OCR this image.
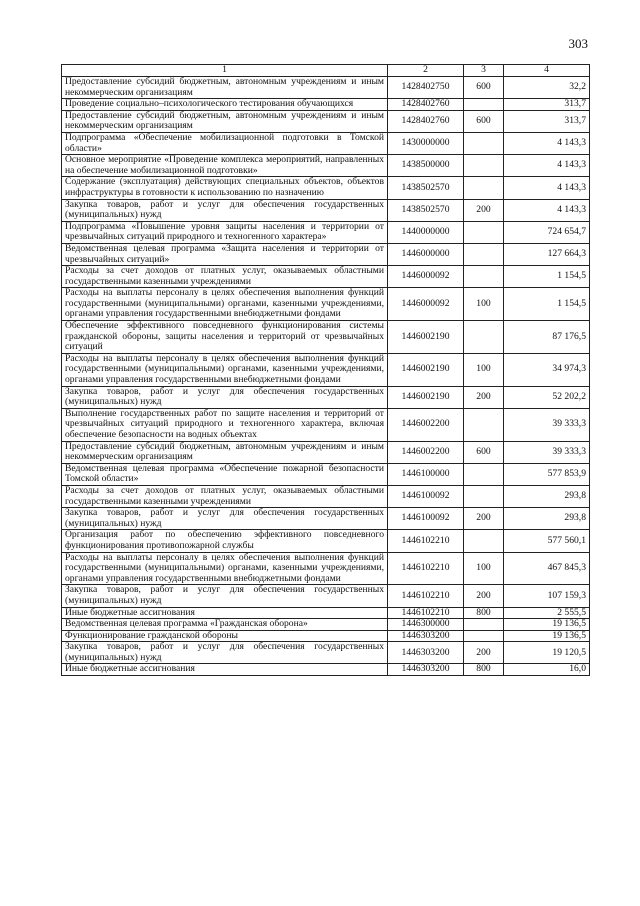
303
1	2	3	4
Предоставление субсидий бюджетным, автономным учреждениям и иным некоммерческим организациям	1428402750	600	32,2
Проведение социально–психологического тестирования обучающихся	1428402760		313,7
Предоставление субсидий бюджетным, автономным учреждениям и иным некоммерческим организациям	1428402760	600	313,7
Подпрограмма «Обеспечение мобилизационной подготовки в Томской области»	1430000000		4 143,3
Основное мероприятие «Проведение комплекса мероприятий, направленных на обеспечение мобилизационной подготовки»	1438500000		4 143,3
Содержание (эксплуатация) действующих специальных объектов, объектов инфраструктуры в готовности к использованию по назначению	1438502570		4 143,3
Закупка товаров, работ и услуг для обеспечения государственных (муниципальных) нужд	1438502570	200	4 143,3
Подпрограмма «Повышение уровня защиты населения и территории от чрезвычайных ситуаций природного и техногенного характера»	1440000000		724 654,7
Ведомственная целевая программа «Защита населения и территории от чрезвычайных ситуаций»	1446000000		127 664,3
Расходы за счет доходов от платных услуг, оказываемых областными государственными казенными учреждениями	1446000092		1 154,5
Расходы на выплаты персоналу в целях обеспечения выполнения функций государственными (муниципальными) органами, казенными учреждениями, органами управления государственными внебюджетными фондами	1446000092	100	1 154,5
Обеспечение эффективного повседневного функционирования системы гражданской обороны, защиты населения и территорий от чрезвычайных ситуаций	1446002190		87 176,5
Расходы на выплаты персоналу в целях обеспечения выполнения функций государственными (муниципальными) органами, казенными учреждениями, органами управления государственными внебюджетными фондами	1446002190	100	34 974,3
Закупка товаров, работ и услуг для обеспечения государственных (муниципальных) нужд	1446002190	200	52 202,2
Выполнение государственных работ по защите населения и территорий от чрезвычайных ситуаций природного и техногенного характера, включая обеспечение безопасности на водных объектах	1446002200		39 333,3
Предоставление субсидий бюджетным, автономным учреждениям и иным некоммерческим организациям	1446002200	600	39 333,3
Ведомственная целевая программа «Обеспечение пожарной безопасности Томской области»	1446100000		577 853,9
Расходы за счет доходов от платных услуг, оказываемых областными государственными казенными учреждениями	1446100092		293,8
Закупка товаров, работ и услуг для обеспечения государственных (муниципальных) нужд	1446100092	200	293,8
Организация работ по обеспечению эффективного повседневного функционирования противопожарной службы	1446102210		577 560,1
Расходы на выплаты персоналу в целях обеспечения выполнения функций государственными (муниципальными) органами, казенными учреждениями, органами управления государственными внебюджетными фондами	1446102210	100	467 845,3
Закупка товаров, работ и услуг для обеспечения государственных (муниципальных) нужд	1446102210	200	107 159,3
Иные бюджетные ассигнования	1446102210	800	2 555,5
Ведомственная целевая программа «Гражданская оборона»	1446300000		19 136,5
Функционирование гражданской обороны	1446303200		19 136,5
Закупка товаров, работ и услуг для обеспечения государственных (муниципальных) нужд	1446303200	200	19 120,5
Иные бюджетные ассигнования	1446303200	800	16,0
